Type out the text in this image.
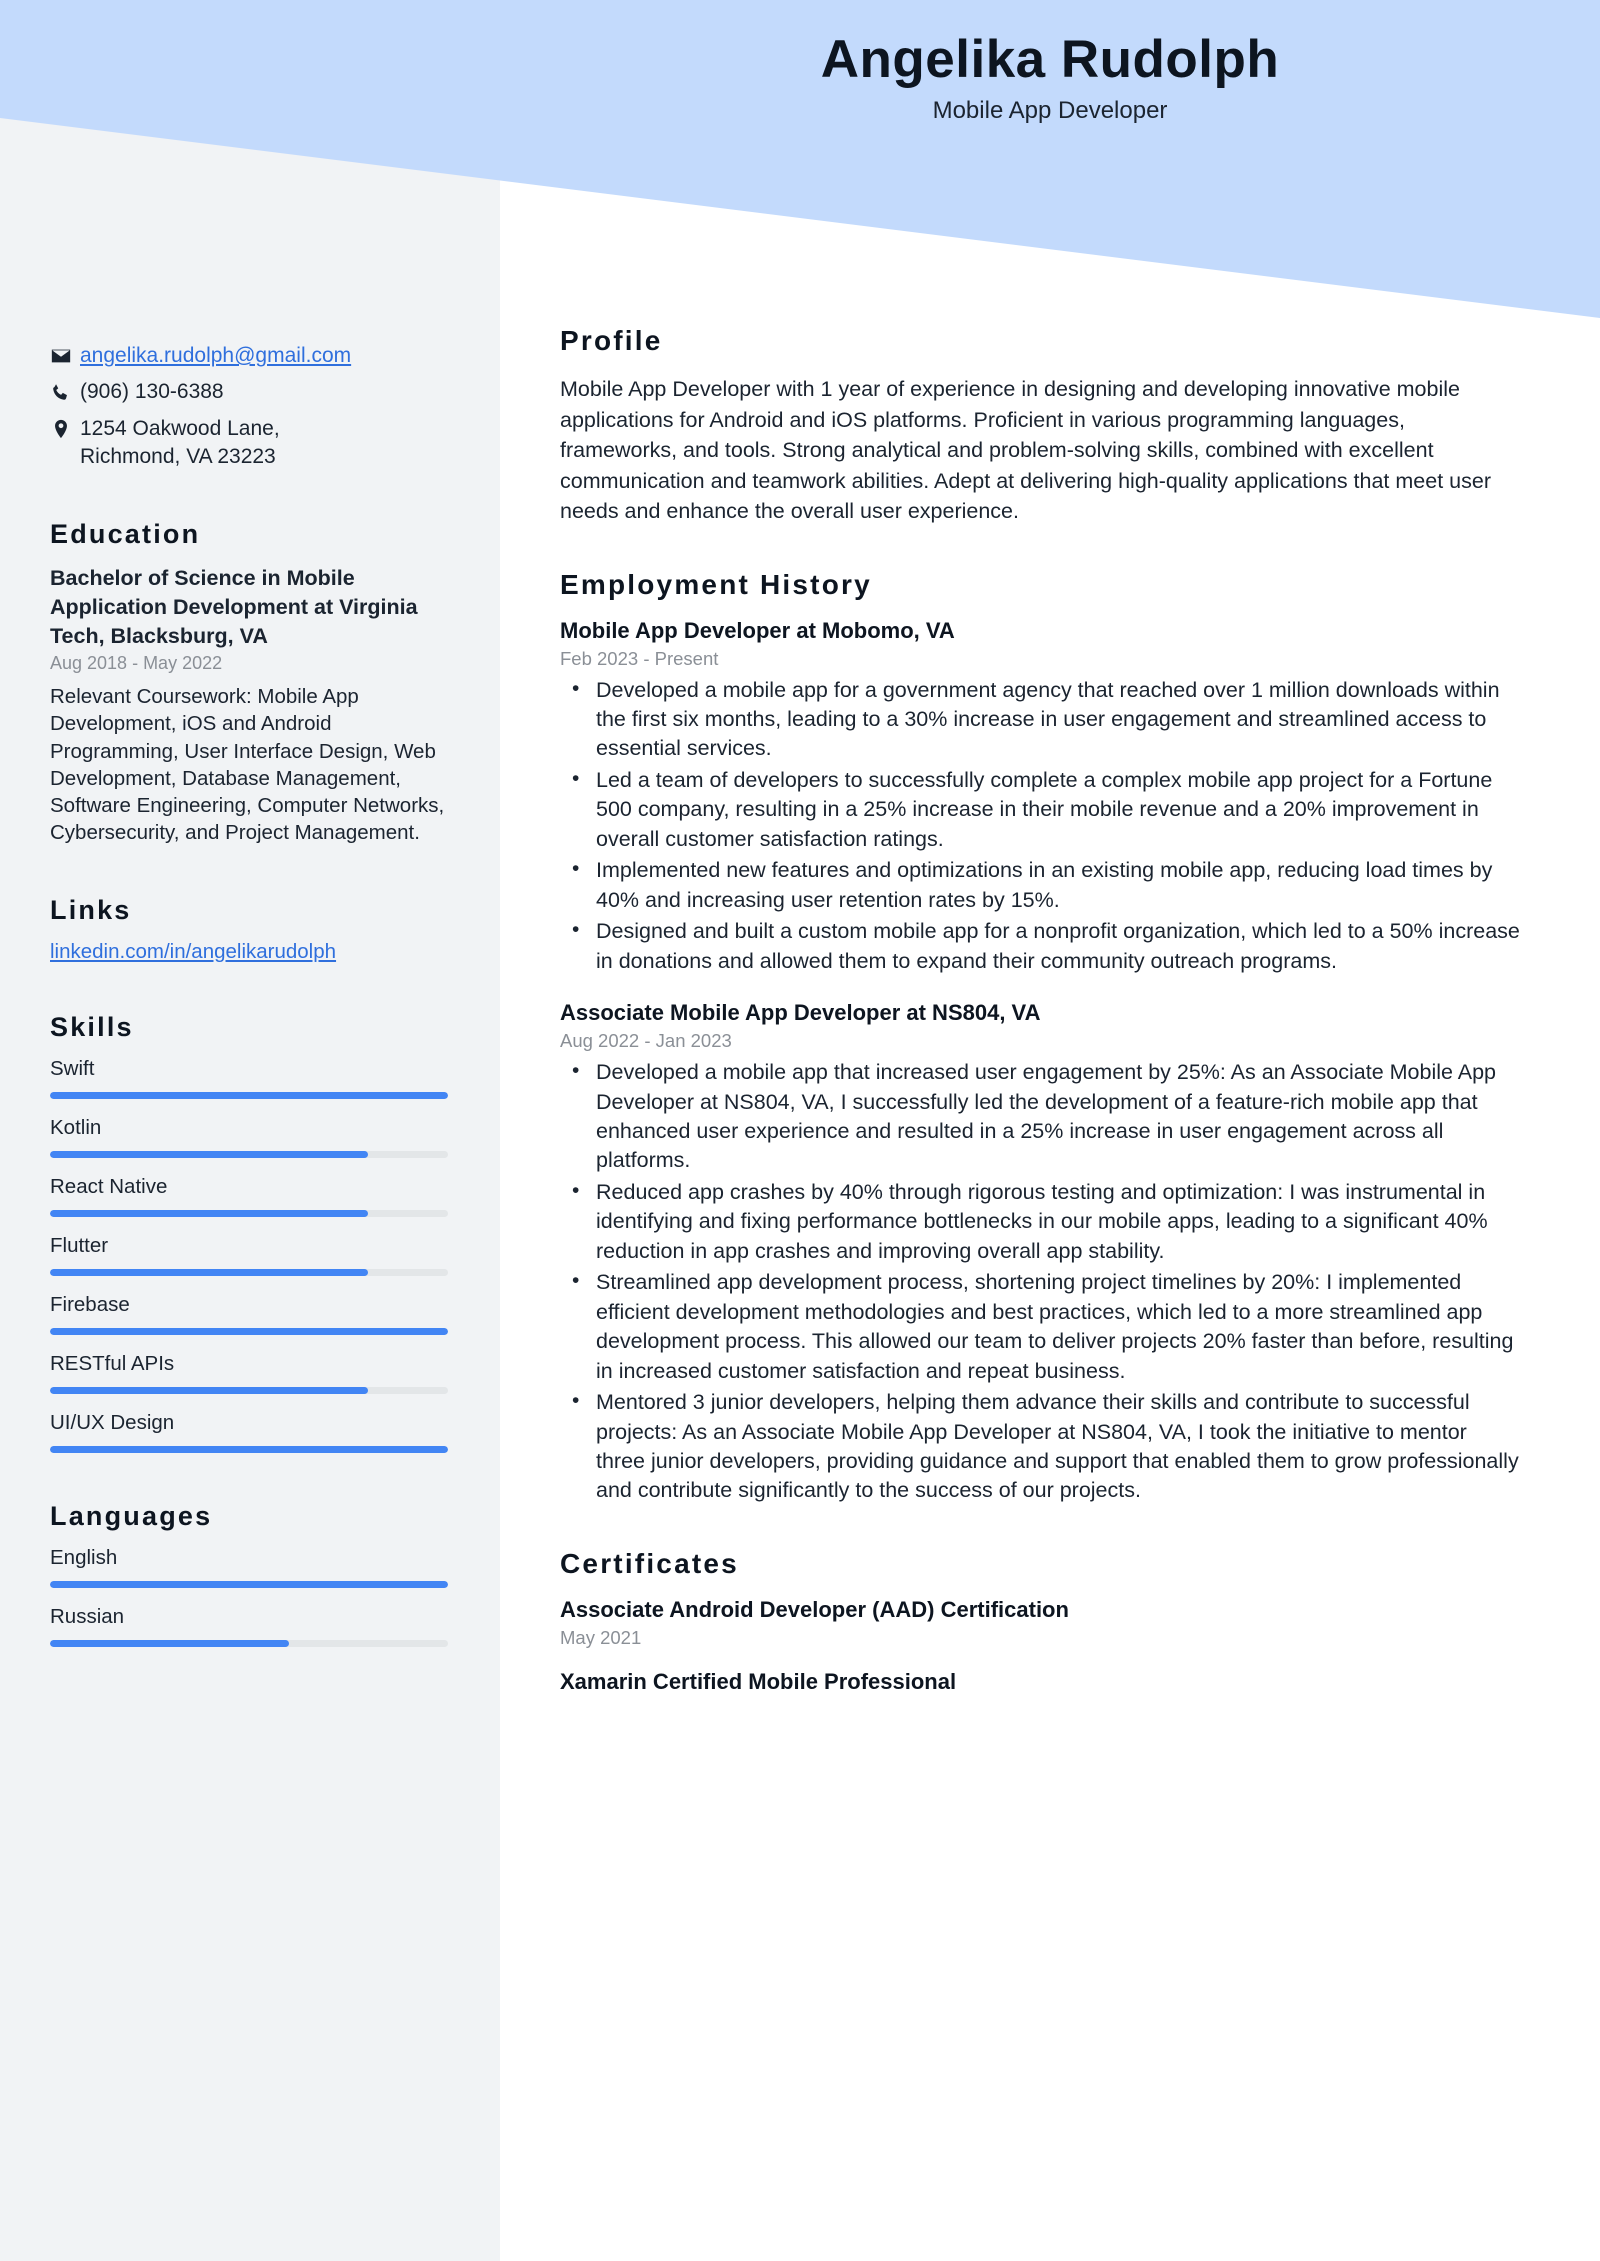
Angelika Rudolph
Mobile App Developer
angelika.rudolph@gmail.com
(906) 130-6388
1254 Oakwood Lane,
Richmond, VA 23223
Education
Bachelor of Science in Mobile Application Development at Virginia Tech, Blacksburg, VA
Aug 2018 - May 2022
Relevant Coursework: Mobile App Development, iOS and Android Programming, User Interface Design, Web Development, Database Management, Software Engineering, Computer Networks, Cybersecurity, and Project Management.
Links
linkedin.com/in/angelikarudolph
Skills
Swift
Kotlin
React Native
Flutter
Firebase
RESTful APIs
UI/UX Design
Languages
English
Russian
Profile
Mobile App Developer with 1 year of experience in designing and developing innovative mobile applications for Android and iOS platforms. Proficient in various programming languages, frameworks, and tools. Strong analytical and problem-solving skills, combined with excellent communication and teamwork abilities. Adept at delivering high-quality applications that meet user needs and enhance the overall user experience.
Employment History
Mobile App Developer at Mobomo, VA
Feb 2023 - Present
• Developed a mobile app for a government agency that reached over 1 million downloads within the first six months, leading to a 30% increase in user engagement and streamlined access to essential services.
• Led a team of developers to successfully complete a complex mobile app project for a Fortune 500 company, resulting in a 25% increase in their mobile revenue and a 20% improvement in overall customer satisfaction ratings.
• Implemented new features and optimizations in an existing mobile app, reducing load times by 40% and increasing user retention rates by 15%.
• Designed and built a custom mobile app for a nonprofit organization, which led to a 50% increase in donations and allowed them to expand their community outreach programs.
Associate Mobile App Developer at NS804, VA
Aug 2022 - Jan 2023
• Developed a mobile app that increased user engagement by 25%: As an Associate Mobile App Developer at NS804, VA, I successfully led the development of a feature-rich mobile app that enhanced user experience and resulted in a 25% increase in user engagement across all platforms.
• Reduced app crashes by 40% through rigorous testing and optimization: I was instrumental in identifying and fixing performance bottlenecks in our mobile apps, leading to a significant 40% reduction in app crashes and improving overall app stability.
• Streamlined app development process, shortening project timelines by 20%: I implemented efficient development methodologies and best practices, which led to a more streamlined app development process. This allowed our team to deliver projects 20% faster than before, resulting in increased customer satisfaction and repeat business.
• Mentored 3 junior developers, helping them advance their skills and contribute to successful projects: As an Associate Mobile App Developer at NS804, VA, I took the initiative to mentor three junior developers, providing guidance and support that enabled them to grow professionally and contribute significantly to the success of our projects.
Certificates
Associate Android Developer (AAD) Certification
May 2021
Xamarin Certified Mobile Professional
